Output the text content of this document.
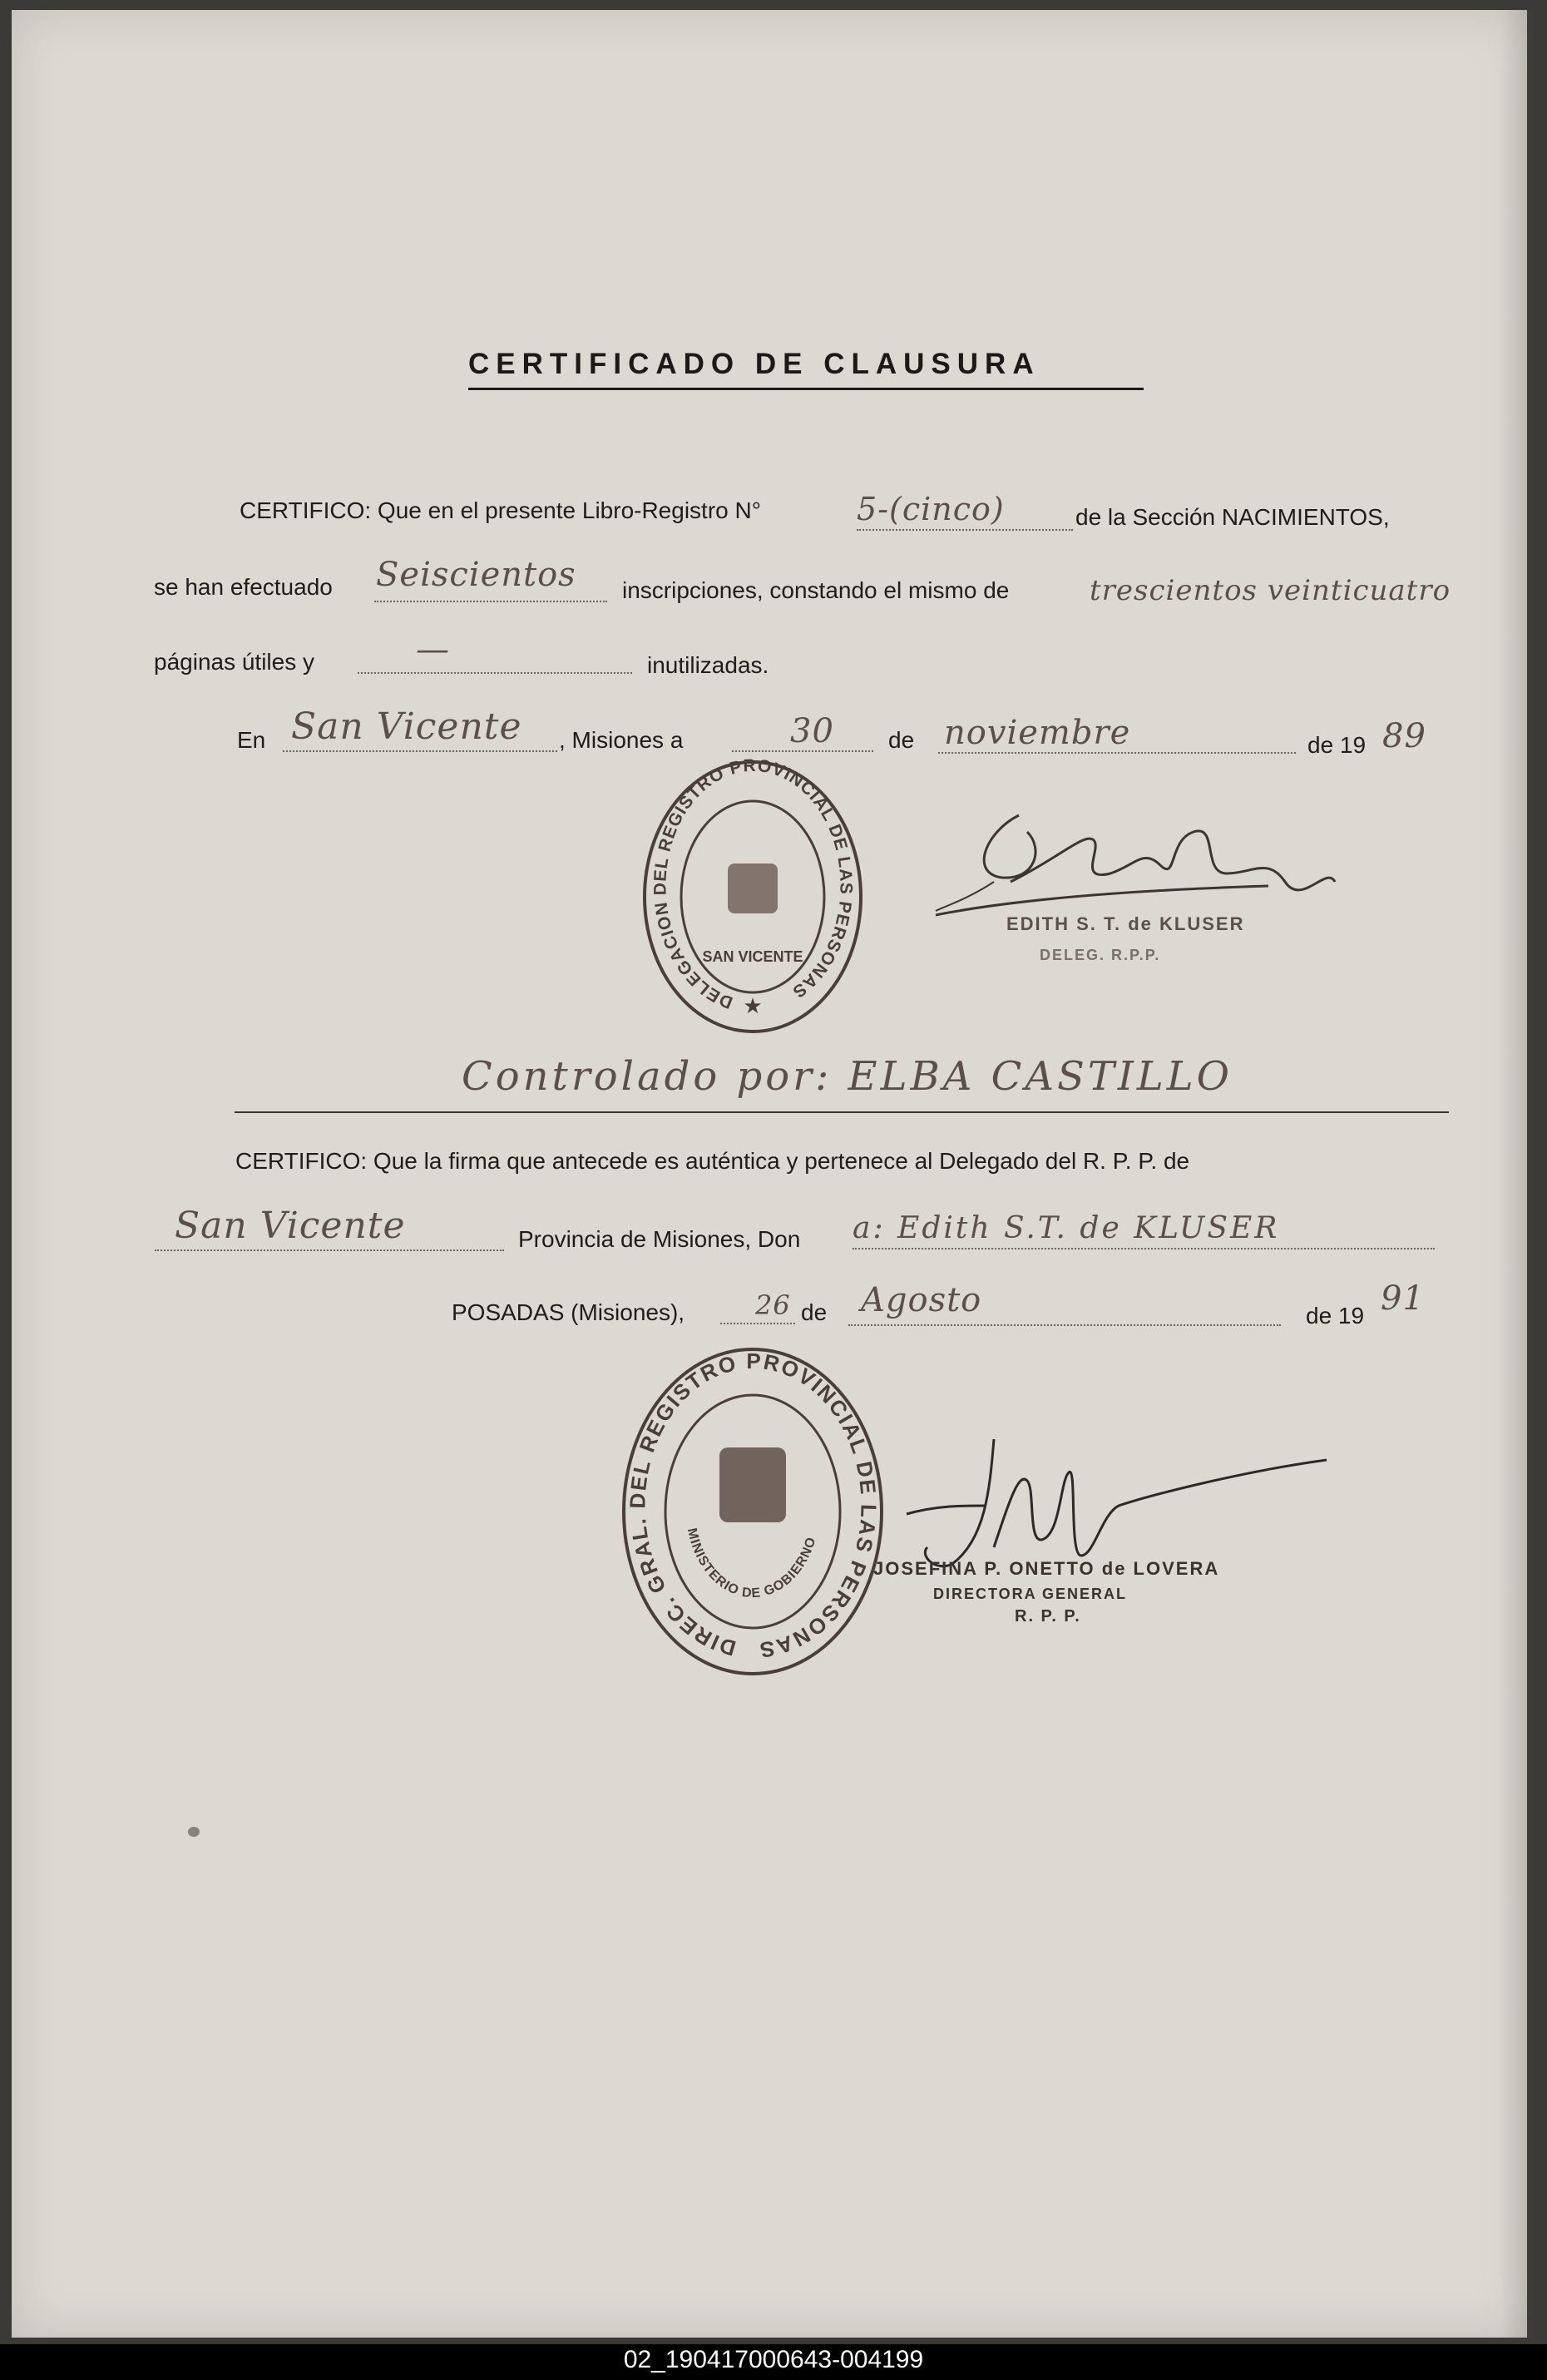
CERTIFICADO DE CLAUSURA
CERTIFICO: Que en el presente Libro-Registro N°	5-(cinco)	de la Sección NACIMIENTOS,
se han efectuado Seiscientos inscripciones, constando el mismo de	trescientos veinticuatro
páginas útiles y	—	inutilizadas.
En San Vicente , Misiones a	30 de noviembre	de 19 89
DELEGACION DEL REGISTRO PROVINCIAL DE LAS PERSONAS
SAN VICENTE
★
EDITH S. T. de KLUSER
DELEG. R.P.P.
Controlado por: ELBA CASTILLO
CERTIFICO: Que la firma que antecede es auténtica y pertenece al Delegado del R. P. P. de
San Vicente	Provincia de Misiones, Don a: Edith S.T. de KLUSER
POSADAS (Misiones),	26 de Agosto	de 19 91
DIREC. GRAL. DEL REGISTRO PROVINCIAL DE LAS PERSONAS
MINISTERIO DE GOBIERNO
JOSEFINA P. ONETTO de LOVERA
DIRECTORA GENERAL
R. P. P.
02_190417000643-004199
